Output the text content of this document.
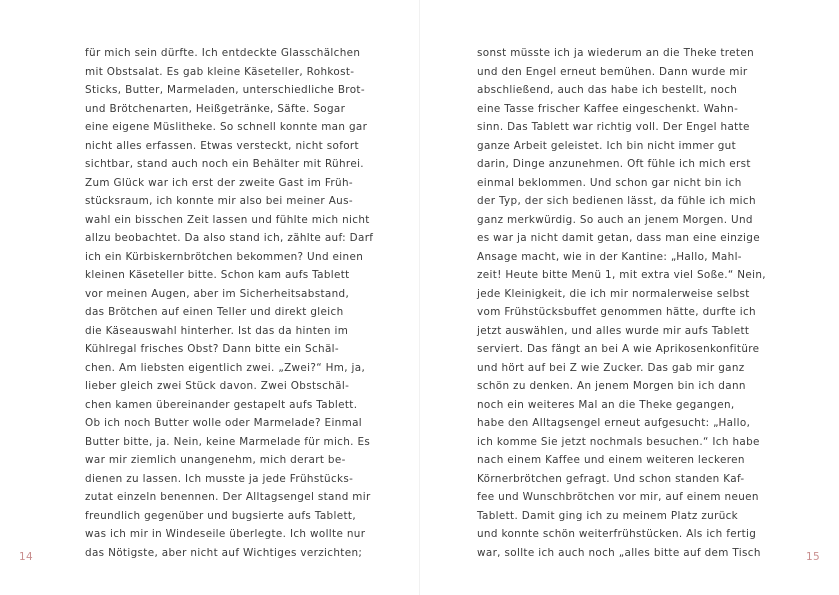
für mich sein dürfte. Ich entdeckte Glasschälchen
mit Obstsalat. Es gab kleine Käseteller, Rohkost-
Sticks, Butter, Marmeladen, unterschiedliche Brot-
und Brötchenarten, Heißgetränke, Säfte. Sogar
eine eigene Müslitheke. So schnell konnte man gar
nicht alles erfassen. Etwas versteckt, nicht sofort
sichtbar, stand auch noch ein Behälter mit Rührei.
Zum Glück war ich erst der zweite Gast im Früh-
stücksraum, ich konnte mir also bei meiner Aus-
wahl ein bisschen Zeit lassen und fühlte mich nicht
allzu beobachtet. Da also stand ich, zählte auf: Darf
ich ein Kürbiskernbrötchen bekommen? Und einen
kleinen Käseteller bitte. Schon kam aufs Tablett
vor meinen Augen, aber im Sicherheitsabstand,
das Brötchen auf einen Teller und direkt gleich
die Käseauswahl hinterher. Ist das da hinten im
Kühlregal frisches Obst? Dann bitte ein Schäl-
chen. Am liebsten eigentlich zwei. „Zwei?“ Hm, ja,
lieber gleich zwei Stück davon. Zwei Obstschäl-
chen kamen übereinander gestapelt aufs Tablett.
Ob ich noch Butter wolle oder Marmelade? Einmal
Butter bitte, ja. Nein, keine Marmelade für mich. Es
war mir ziemlich unangenehm, mich derart be-
dienen zu lassen. Ich musste ja jede Frühstücks-
zutat einzeln benennen. Der Alltagsengel stand mir
freundlich gegenüber und bugsierte aufs Tablett,
was ich mir in Windeseile überlegte. Ich wollte nur
das Nötigste, aber nicht auf Wichtiges verzichten;
14
sonst müsste ich ja wiederum an die Theke treten
und den Engel erneut bemühen. Dann wurde mir
abschließend, auch das habe ich bestellt, noch
eine Tasse frischer Kaffee eingeschenkt. Wahn-
sinn. Das Tablett war richtig voll. Der Engel hatte
ganze Arbeit geleistet. Ich bin nicht immer gut
darin, Dinge anzunehmen. Oft fühle ich mich erst
einmal beklommen. Und schon gar nicht bin ich
der Typ, der sich bedienen lässt, da fühle ich mich
ganz merkwürdig. So auch an jenem Morgen. Und
es war ja nicht damit getan, dass man eine einzige
Ansage macht, wie in der Kantine: „Hallo, Mahl-
zeit! Heute bitte Menü 1, mit extra viel Soße.“ Nein,
jede Kleinigkeit, die ich mir normalerweise selbst
vom Frühstücksbuffet genommen hätte, durfte ich
jetzt auswählen, und alles wurde mir aufs Tablett
serviert. Das fängt an bei A wie Aprikosenkonfitüre
und hört auf bei Z wie Zucker. Das gab mir ganz
schön zu denken. An jenem Morgen bin ich dann
noch ein weiteres Mal an die Theke gegangen,
habe den Alltagsengel erneut aufgesucht: „Hallo,
ich komme Sie jetzt nochmals besuchen.“ Ich habe
nach einem Kaffee und einem weiteren leckeren
Körnerbrötchen gefragt. Und schon standen Kaf-
fee und Wunschbrötchen vor mir, auf einem neuen
Tablett. Damit ging ich zu meinem Platz zurück
und konnte schön weiterfrühstücken. Als ich fertig
war, sollte ich auch noch „alles bitte auf dem Tisch	15
